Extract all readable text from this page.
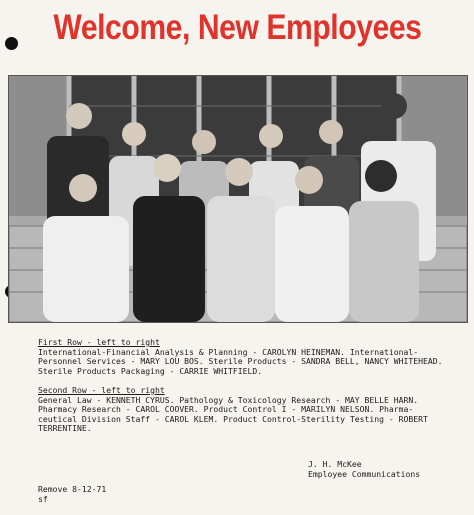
Welcome, New Employees
First Row - left to right
International-Financial Analysis & Planning - CAROLYN HEINEMAN. International-
Personnel Services - MARY LOU BOS. Sterile Products - SANDRA BELL, NANCY WHITEHEAD.
Sterile Products Packaging - CARRIE WHITFIELD.
Second Row - left to right
General Law - KENNETH CYRUS. Pathology & Toxicology Research - MAY BELLE HARN.
Pharmacy Research - CAROL COOVER. Product Control I - MARILYN NELSON. Pharma-
ceutical Division Staff - CAROL KLEM. Product Control-Sterility Testing - ROBERT
TERRENTINE.
J. H. McKee
Employee Communications
Remove 8-12-71
sf
